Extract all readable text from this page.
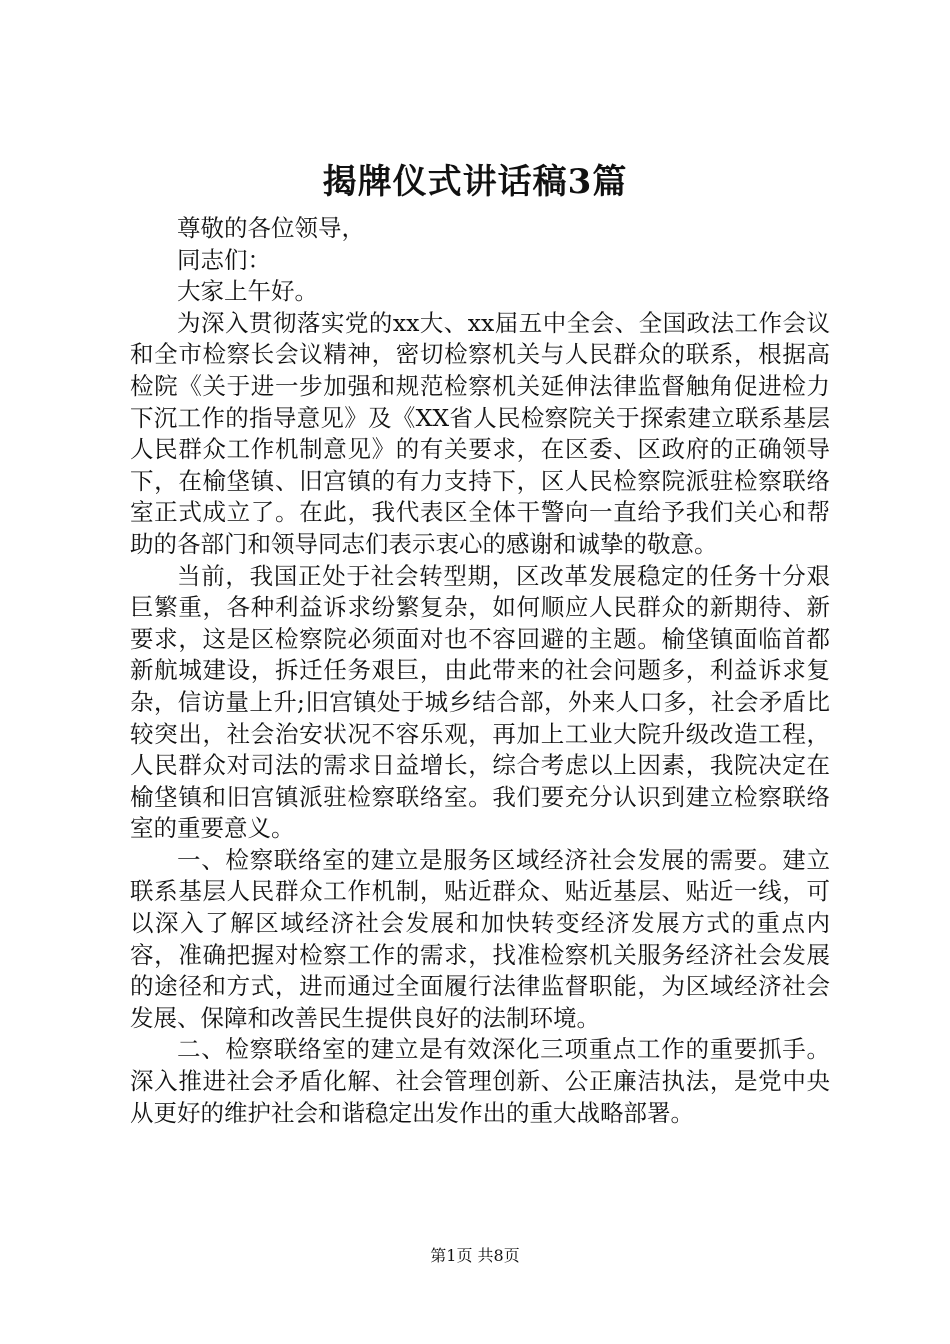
揭牌仪式讲话稿3篇

尊敬的各位领导，

同志们：

大家上午好。

为深入贯彻落实党的xx大、xx届五中全会、全国政法工作会议和全市检察长会议精神，密切检察机关与人民群众的联系，根据高检院《关于进一步加强和规范检察机关延伸法律监督触角促进检力下沉工作的指导意见》及《XX省人民检察院关于探索建立联系基层人民群众工作机制意见》的有关要求，在区委、区政府的正确领导下，在榆垡镇、旧宫镇的有力支持下，区人民检察院派驻检察联络室正式成立了。在此，我代表区全体干警向一直给予我们关心和帮助的各部门和领导同志们表示衷心的感谢和诚挚的敬意。

当前，我国正处于社会转型期，区改革发展稳定的任务十分艰巨繁重，各种利益诉求纷繁复杂，如何顺应人民群众的新期待、新要求，这是区检察院必须面对也不容回避的主题。榆垡镇面临首都新航城建设，拆迁任务艰巨，由此带来的社会问题多，利益诉求复杂，信访量上升;旧宫镇处于城乡结合部，外来人口多，社会矛盾比较突出，社会治安状况不容乐观，再加上工业大院升级改造工程，人民群众对司法的需求日益增长，综合考虑以上因素，我院决定在榆垡镇和旧宫镇派驻检察联络室。我们要充分认识到建立检察联络室的重要意义。

一、检察联络室的建立是服务区域经济社会发展的需要。建立联系基层人民群众工作机制，贴近群众、贴近基层、贴近一线，可以深入了解区域经济社会发展和加快转变经济发展方式的重点内容，准确把握对检察工作的需求，找准检察机关服务经济社会发展的途径和方式，进而通过全面履行法律监督职能，为区域经济社会发展、保障和改善民生提供良好的法制环境。

二、检察联络室的建立是有效深化三项重点工作的重要抓手。深入推进社会矛盾化解、社会管理创新、公正廉洁执法，是党中央从更好的维护社会和谐稳定出发作出的重大战略部署。

第1页 共8页
